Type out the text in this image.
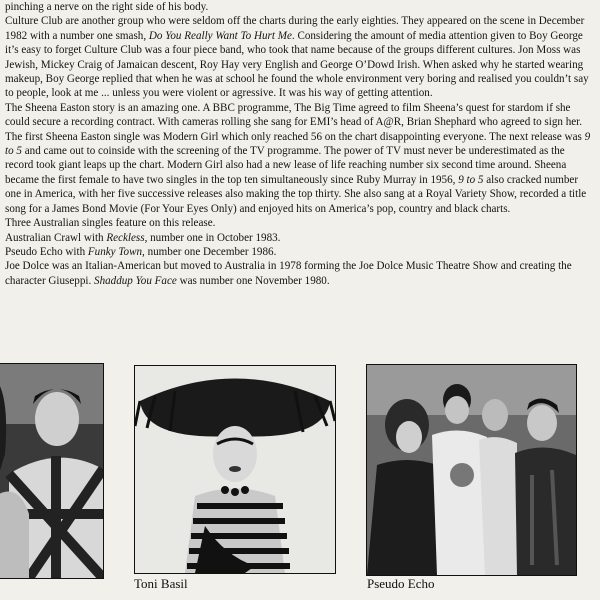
pinching a nerve on the right side of his body.

Culture Club are another group who were seldom off the charts during the early eighties. They appeared on the scene in December 1982 with a number one smash, Do You Really Want To Hurt Me. Considering the amount of media attention given to Boy George it’s easy to forget Culture Club was a four piece band, who took that name because of the groups different cultures. Jon Moss was Jewish, Mickey Craig of Jamaican descent, Roy Hay very English and George O’Dowd Irish. When asked why he started wearing makeup, Boy George replied that when he was at school he found the whole environment very boring and realised you couldn’t say to people, look at me ... unless you were violent or agressive. It was his way of getting attention.

The Sheena Easton story is an amazing one. A BBC programme, The Big Time agreed to film Sheena’s quest for stardom if she could secure a recording contract. With cameras rolling she sang for EMI’s head of A@R, Brian Shephard who agreed to sign her. The first Sheena Easton single was Modern Girl which only reached 56 on the chart disappointing everyone. The next release was 9 to 5 and came out to coinside with the screening of the TV programme. The power of TV must never be underestimated as the record took giant leaps up the chart. Modern Girl also had a new lease of life reaching number six second time around. Sheena became the first female to have two singles in the top ten simultaneously since Ruby Murray in 1956, 9 to 5 also cracked number one in America, with her five successive releases also making the top thirty. She also sang at a Royal Variety Show, recorded a title song for a James Bond Movie (For Your Eyes Only) and enjoyed hits on America’s pop, country and black charts.

Three Australian singles feature on this release.

Australian Crawl with Reckless, number one in October 1983.

Pseudo Echo with Funky Town, number one December 1986.

Joe Dolce was an Italian-American but moved to Australia in 1978 forming the Joe Dolce Music Theatre Show and creating the character Giuseppi. Shaddup You Face was number one November 1980.

Toni Basil	Pseudo Echo
